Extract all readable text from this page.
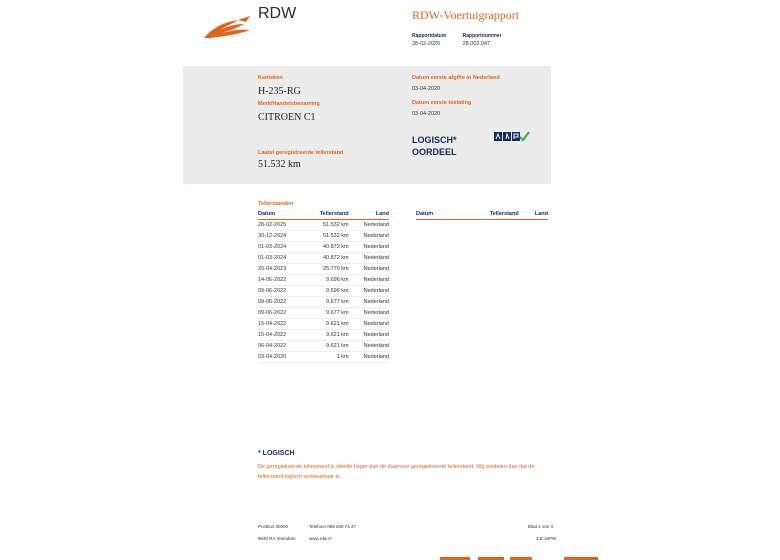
RDW	RDW-Voertuigrapport
Rapportdatum
28-02-2025

Rapportnummer
28.002.047
Kenteken
H-235-RG
Merk/Handelsbenaming
CITROEN C1
Laatst geregistreerde tellerstand
51.532 km
Datum eerste afgifte in Nederland
03-04-2020
Datum eerste toelating
03-04-2020
LOGISCH*
OORDEEL
Tellerstanden
Datum	Tellerstand	Land
28-02-2025	51.532 km	Nederland
30-12-2024	51.532 km	Nederland
01-03-2024	40.872 km	Nederland
01-03-2024	40.872 km	Nederland
20-04-2023	25.770 km	Nederland
14-06-2022	9.696 km	Nederland
09-06-2022	9.696 km	Nederland
09-06-2022	9.677 km	Nederland
09-06-2022	9.677 km	Nederland
15-04-2022	9.621 km	Nederland
15-04-2022	9.621 km	Nederland
06-04-2022	9.621 km	Nederland
03-04-2020	1 km	Nederland
Datum	Tellerstand	Land
* LOGISCH
De geregistreerde tellerstand is steeds hoger dan de daarvoor geregistreerde tellerstand. Wij oordelen dan dat de tellerstand logisch verklaarbaar is.
Postbus 30000
9640 RA Veendam
Telefoon 088 008 74 47
www.rdw.nl
Blad 1 van 3
3.E.16PW
